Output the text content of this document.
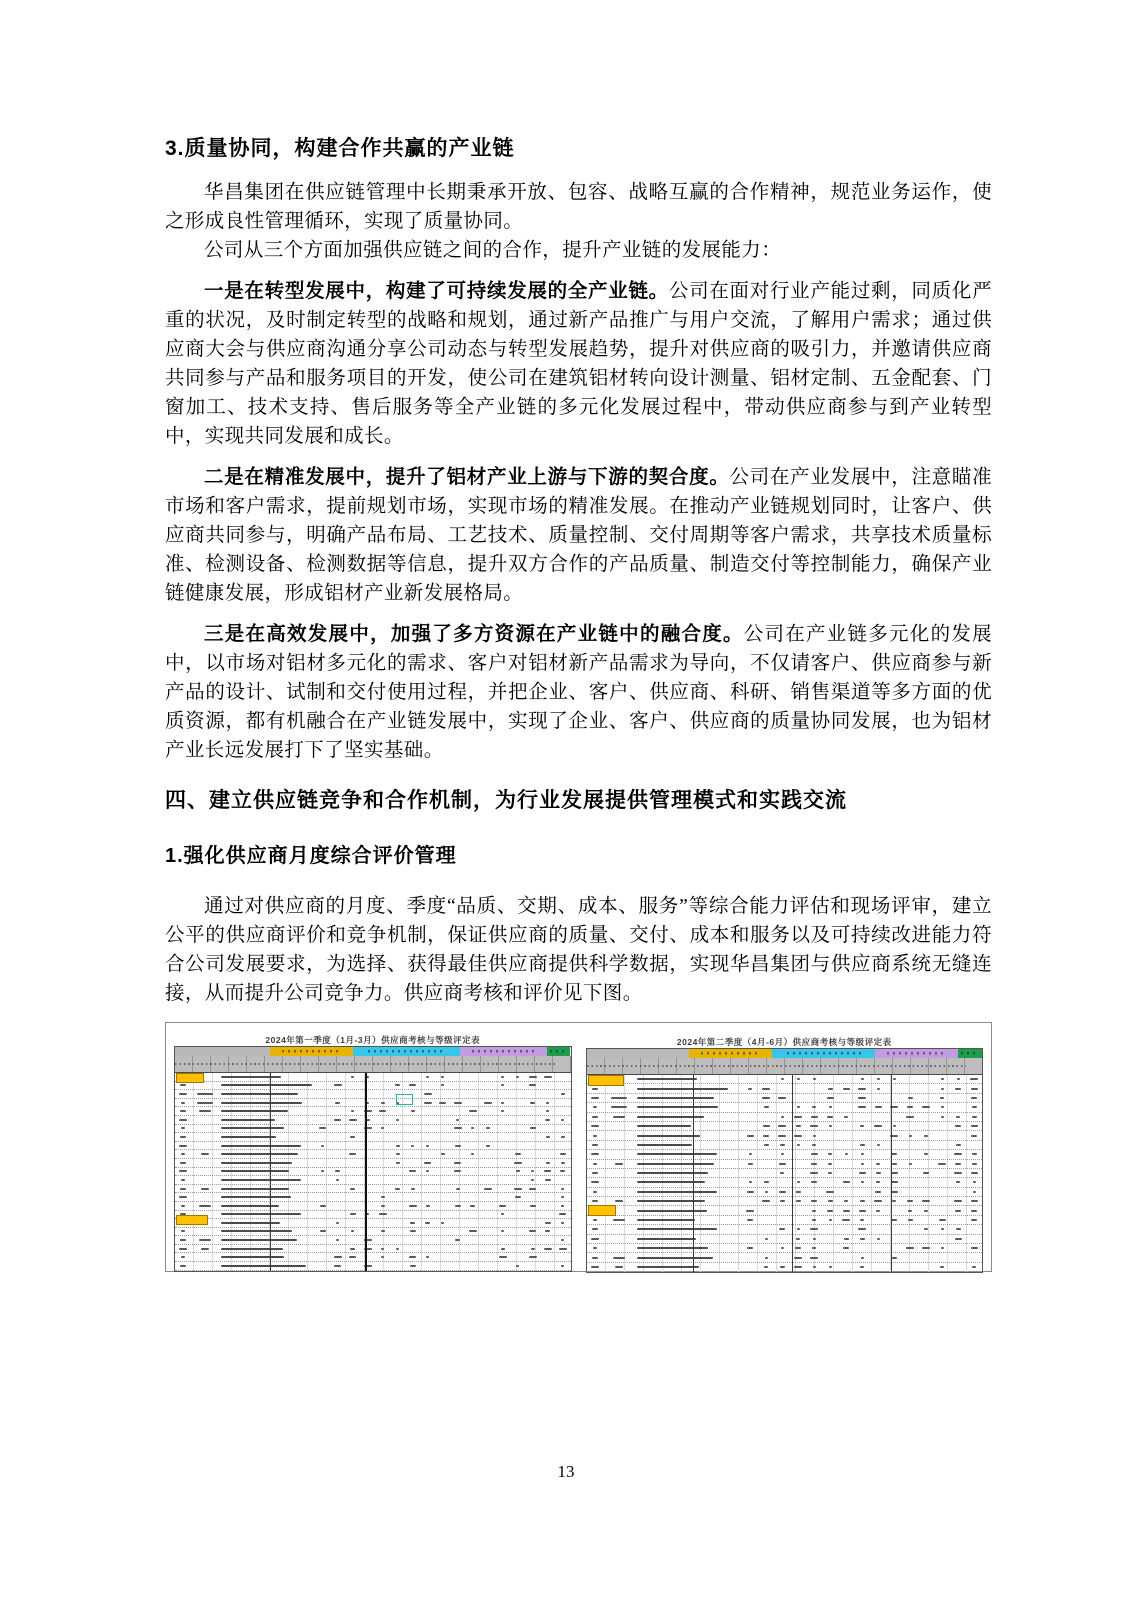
3.质量协同，构建合作共赢的产业链

华昌集团在供应链管理中长期秉承开放、包容、战略互赢的合作精神，规范业务运作，使之形成良性管理循环，实现了质量协同。

公司从三个方面加强供应链之间的合作，提升产业链的发展能力：

一是在转型发展中，构建了可持续发展的全产业链。公司在面对行业产能过剩，同质化严重的状况，及时制定转型的战略和规划，通过新产品推广与用户交流，了解用户需求；通过供应商大会与供应商沟通分享公司动态与转型发展趋势，提升对供应商的吸引力，并邀请供应商共同参与产品和服务项目的开发，使公司在建筑铝材转向设计测量、铝材定制、五金配套、门窗加工、技术支持、售后服务等全产业链的多元化发展过程中，带动供应商参与到产业转型中，实现共同发展和成长。

二是在精准发展中，提升了铝材产业上游与下游的契合度。公司在产业发展中，注意瞄准市场和客户需求，提前规划市场，实现市场的精准发展。在推动产业链规划同时，让客户、供应商共同参与，明确产品布局、工艺技术、质量控制、交付周期等客户需求，共享技术质量标准、检测设备、检测数据等信息，提升双方合作的产品质量、制造交付等控制能力，确保产业链健康发展，形成铝材产业新发展格局。

三是在高效发展中，加强了多方资源在产业链中的融合度。公司在产业链多元化的发展中，以市场对铝材多元化的需求、客户对铝材新产品需求为导向，不仅请客户、供应商参与新产品的设计、试制和交付使用过程，并把企业、客户、供应商、科研、销售渠道等多方面的优质资源，都有机融合在产业链发展中，实现了企业、客户、供应商的质量协同发展，也为铝材产业长远发展打下了坚实基础。

四、建立供应链竞争和合作机制，为行业发展提供管理模式和实践交流
1.强化供应商月度综合评价管理

通过对供应商的月度、季度“品质、交期、成本、服务”等综合能力评估和现场评审，建立公平的供应商评价和竞争机制，保证供应商的质量、交付、成本和服务以及可持续改进能力符合公司发展要求，为选择、获得最佳供应商提供科学数据，实现华昌集团与供应商系统无缝连接，从而提升公司竞争力。供应商考核和评价见下图。

2024年第一季度（1月-3月）供应商考核与等级评定表	2024年第二季度（4月-6月）供应商考核与等级评定表
13
